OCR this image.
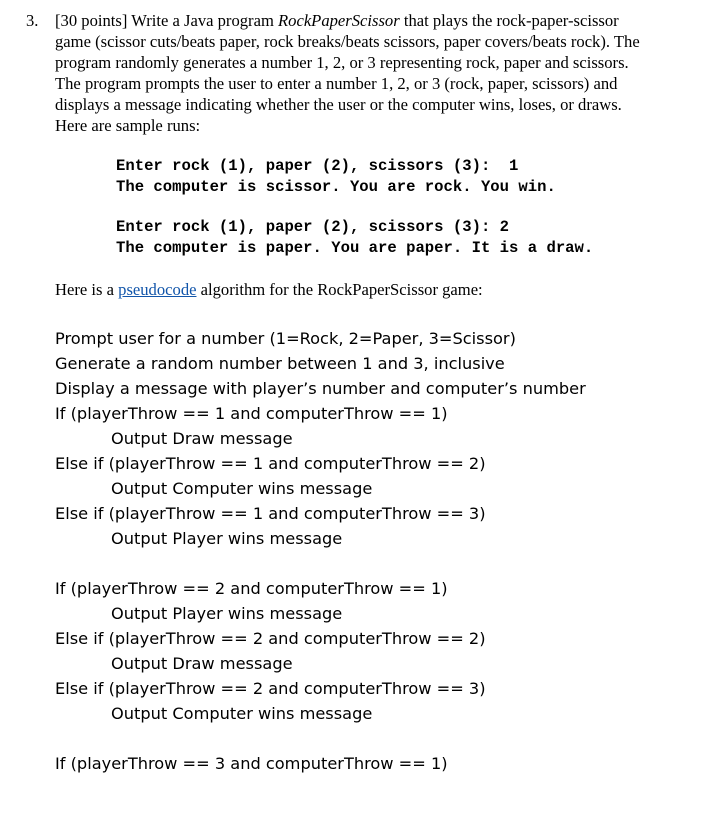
3. [30 points] Write a Java program RockPaperScissor that plays the rock-paper-scissor

game (scissor cuts/beats paper, rock breaks/beats scissors, paper covers/beats rock). The

program randomly generates a number 1, 2, or 3 representing rock, paper and scissors.

The program prompts the user to enter a number 1, 2, or 3 (rock, paper, scissors) and

displays a message indicating whether the user or the computer wins, loses, or draws.

Here are sample runs:

Enter rock (1), paper (2), scissors (3):  1
The computer is scissor. You are rock. You win.
Enter rock (1), paper (2), scissors (3): 2
The computer is paper. You are paper. It is a draw.
Here is a pseudocode algorithm for the RockPaperScissor game:
Prompt user for a number (1=Rock, 2=Paper, 3=Scissor)
Generate a random number between 1 and 3, inclusive
Display a message with player’s number and computer’s number
If (playerThrow == 1 and computerThrow == 1)
Output Draw message
Else if (playerThrow == 1 and computerThrow == 2)
Output Computer wins message
Else if (playerThrow == 1 and computerThrow == 3)
Output Player wins message
If (playerThrow == 2 and computerThrow == 1)
Output Player wins message
Else if (playerThrow == 2 and computerThrow == 2)
Output Draw message
Else if (playerThrow == 2 and computerThrow == 3)
Output Computer wins message
If (playerThrow == 3 and computerThrow == 1)
